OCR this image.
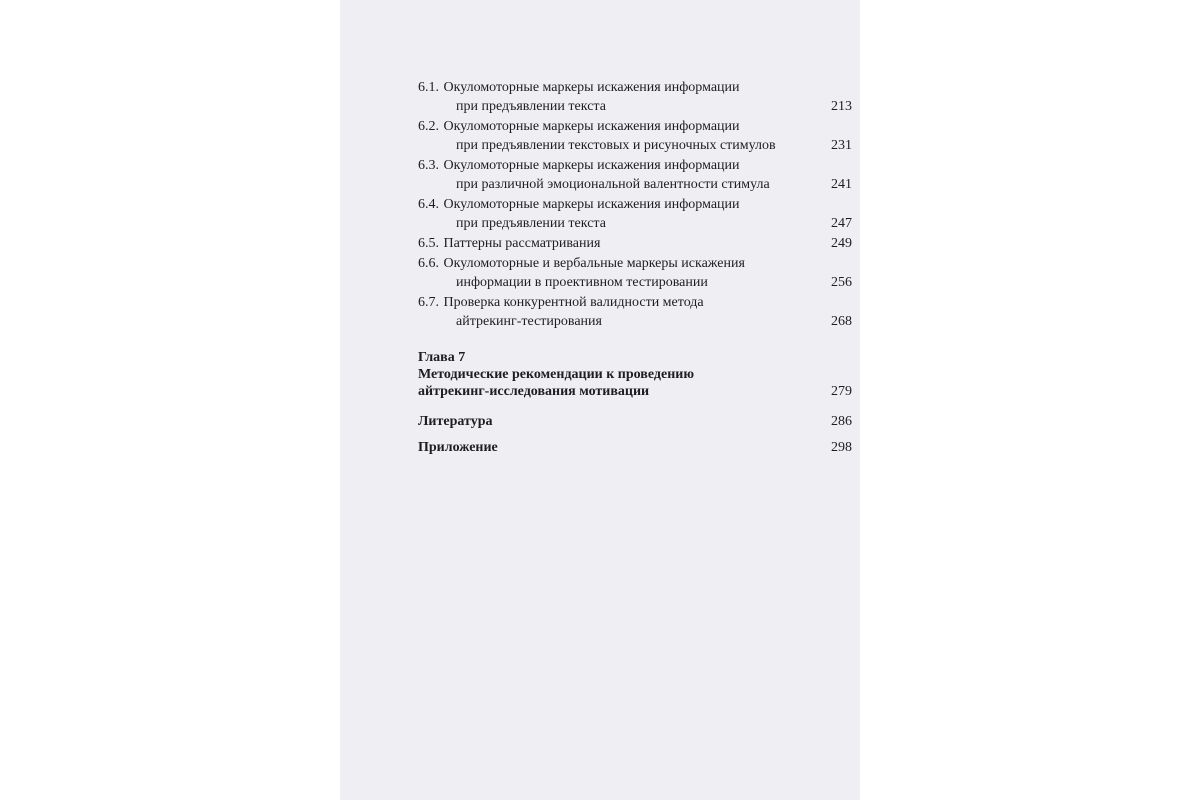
6.1. Окуломоторные маркеры искажения информации
при предъявлении текста	213
6.2. Окуломоторные маркеры искажения информации
при предъявлении текстовых и рисуночных стимулов	231
6.3. Окуломоторные маркеры искажения информации
при различной эмоциональной валентности стимула	241
6.4. Окуломоторные маркеры искажения информации
при предъявлении текста	247
6.5. Паттерны рассматривания	249
6.6. Окуломоторные и вербальные маркеры искажения
информации в проективном тестировании	256
6.7. Проверка конкурентной валидности метода
айтрекинг-тестирования	268
Глава 7
Методические рекомендации к проведению
айтрекинг-исследования мотивации	279
Литература	286
Приложение	298
